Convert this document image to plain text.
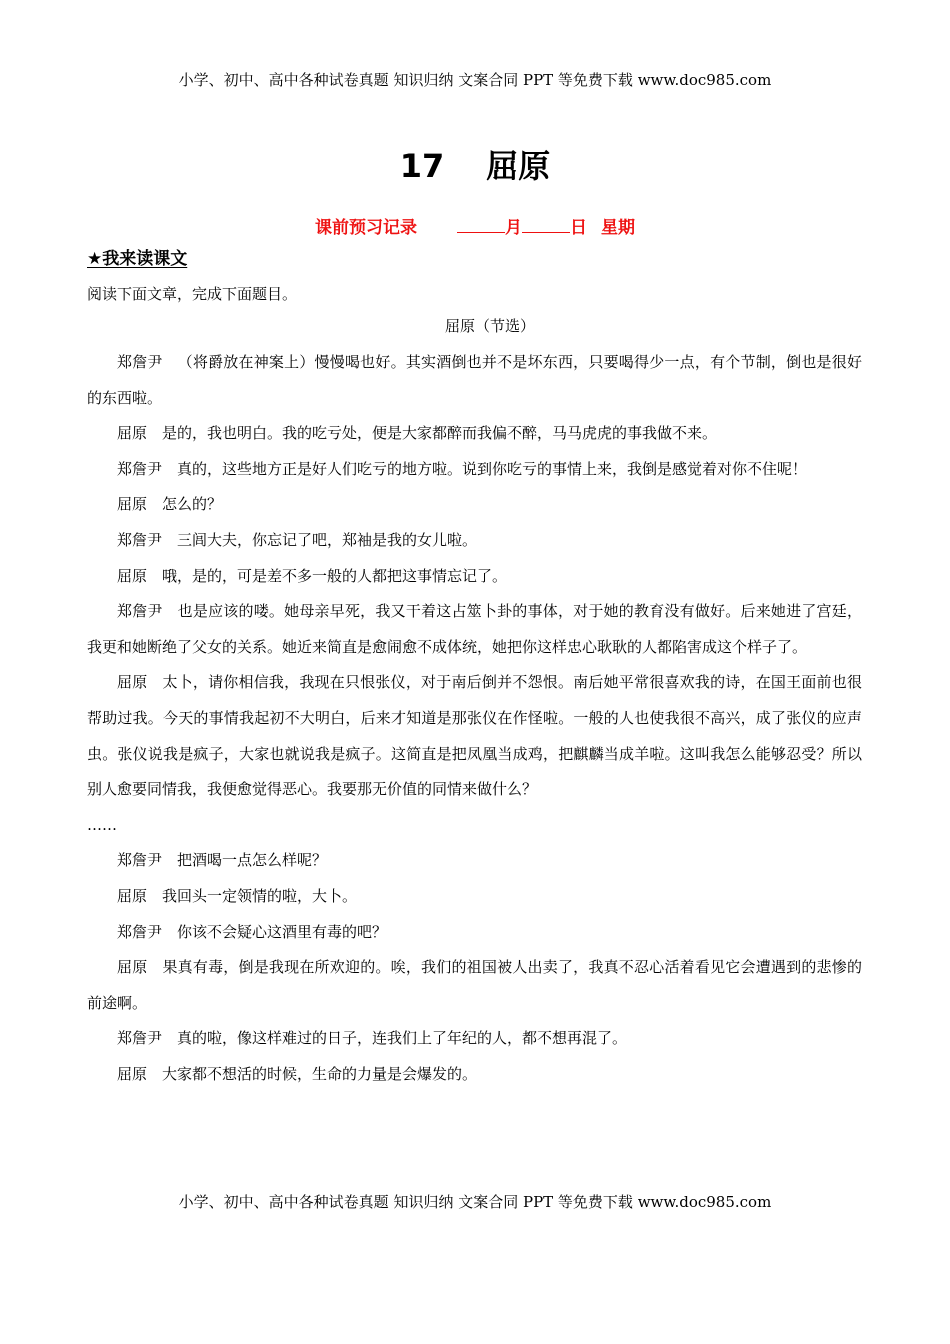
小学、初中、高中各种试卷真题 知识归纳 文案合同 PPT 等免费下载 www.doc985.com
17 屈原
课前预习记录	月	日 星期
★我来读课文
阅读下面文章，完成下面题目。
屈原（节选）

郑詹尹 （将爵放在神案上）慢慢喝也好。其实酒倒也并不是坏东西，只要喝得少一点，有个节制，倒也是很好的东西啦。

屈原 是的，我也明白。我的吃亏处，便是大家都醉而我偏不醉，马马虎虎的事我做不来。

郑詹尹 真的，这些地方正是好人们吃亏的地方啦。说到你吃亏的事情上来，我倒是感觉着对你不住呢！

屈原 怎么的？

郑詹尹 三闾大夫，你忘记了吧，郑袖是我的女儿啦。

屈原 哦，是的，可是差不多一般的人都把这事情忘记了。

郑詹尹 也是应该的喽。她母亲早死，我又干着这占筮卜卦的事体，对于她的教育没有做好。后来她进了宫廷，我更和她断绝了父女的关系。她近来简直是愈闹愈不成体统，她把你这样忠心耿耿的人都陷害成这个样子了。

屈原 太卜，请你相信我，我现在只恨张仪，对于南后倒并不怨恨。南后她平常很喜欢我的诗，在国王面前也很帮助过我。今天的事情我起初不大明白，后来才知道是那张仪在作怪啦。一般的人也使我很不高兴，成了张仪的应声虫。张仪说我是疯子，大家也就说我是疯子。这简直是把凤凰当成鸡，把麒麟当成羊啦。这叫我怎么能够忍受？所以别人愈要同情我，我便愈觉得恶心。我要那无价值的同情来做什么？

……

郑詹尹 把酒喝一点怎么样呢？

屈原 我回头一定领情的啦，大卜。

郑詹尹 你该不会疑心这酒里有毒的吧？

屈原 果真有毒，倒是我现在所欢迎的。唉，我们的祖国被人出卖了，我真不忍心活着看见它会遭遇到的悲惨的前途啊。

郑詹尹 真的啦，像这样难过的日子，连我们上了年纪的人，都不想再混了。

屈原 大家都不想活的时候，生命的力量是会爆发的。

小学、初中、高中各种试卷真题 知识归纳 文案合同 PPT 等免费下载 www.doc985.com
